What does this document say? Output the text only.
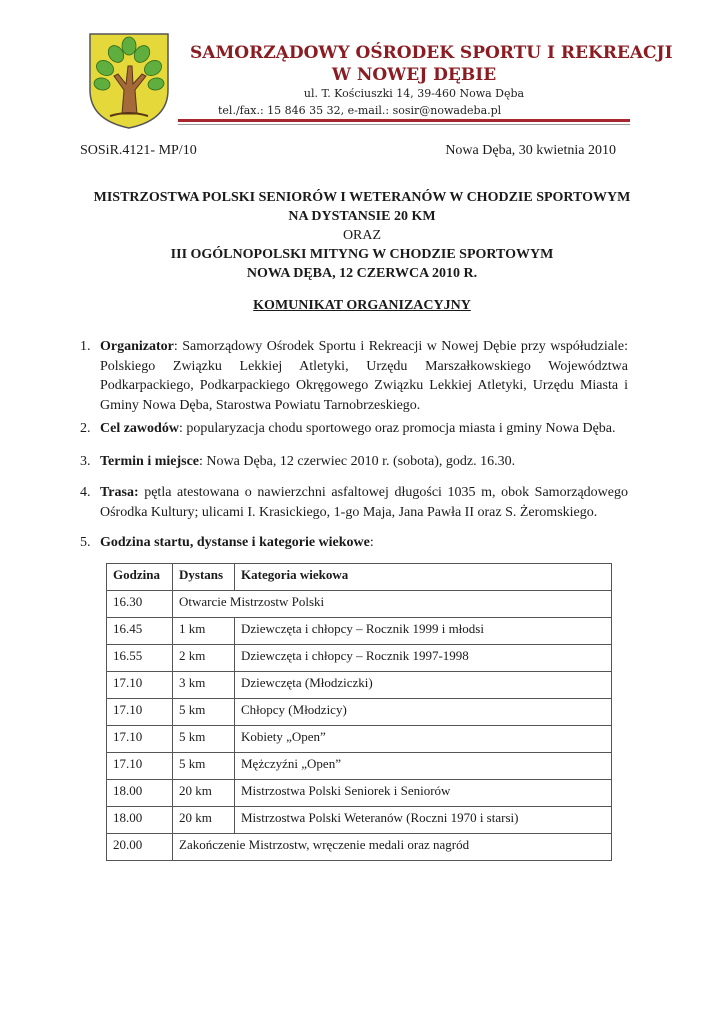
SAMORZĄDOWY OŚRODEK SPORTU I REKREACJI
W NOWEJ DĘBIE
ul. T. Kościuszki 14, 39-460 Nowa Dęba
tel./fax.: 15 846 35 32, e-mail.: sosir@nowadeba.pl
SOSiR.4121- MP/10	Nowa Dęba, 30 kwietnia 2010
MISTRZOSTWA POLSKI SENIORÓW I WETERANÓW W CHODZIE SPORTOWYM
NA DYSTANSIE 20 KM
ORAZ
III OGÓLNOPOLSKI MITYNG W CHODZIE SPORTOWYM
NOWA DĘBA, 12 CZERWCA 2010 R.
KOMUNIKAT ORGANIZACYJNY
1. Organizator: Samorządowy Ośrodek Sportu i Rekreacji w Nowej Dębie przy współudziale: Polskiego Związku Lekkiej Atletyki, Urzędu Marszałkowskiego Województwa Podkarpackiego, Podkarpackiego Okręgowego Związku Lekkiej Atletyki, Urzędu Miasta i Gminy Nowa Dęba, Starostwa Powiatu Tarnobrzeskiego.
2. Cel zawodów: popularyzacja chodu sportowego oraz promocja miasta i gminy Nowa Dęba.
3. Termin i miejsce: Nowa Dęba, 12 czerwiec 2010 r. (sobota), godz. 16.30.
4. Trasa: pętla atestowana o nawierzchni asfaltowej długości 1035 m, obok Samorządowego Ośrodka Kultury; ulicami I. Krasickiego, 1-go Maja, Jana Pawła II oraz S. Żeromskiego.
5. Godzina startu, dystanse i kategorie wiekowe:
Godzina	Dystans	Kategoria wiekowa
16.30	Otwarcie Mistrzostw Polski	
16.45	1 km	Dziewczęta i chłopcy – Rocznik 1999 i młodsi
16.55	2 km	Dziewczęta i chłopcy – Rocznik 1997-1998
17.10	3 km	Dziewczęta (Młodziczki)
17.10	5 km	Chłopcy (Młodzicy)
17.10	5 km	Kobiety „Open”
17.10	5 km	Mężczyźni „Open”
18.00	20 km	Mistrzostwa Polski Seniorek i Seniorów
18.00	20 km	Mistrzostwa Polski Weteranów (Roczni 1970 i starsi)
20.00	Zakończenie Mistrzostw, wręczenie medali oraz nagród	
